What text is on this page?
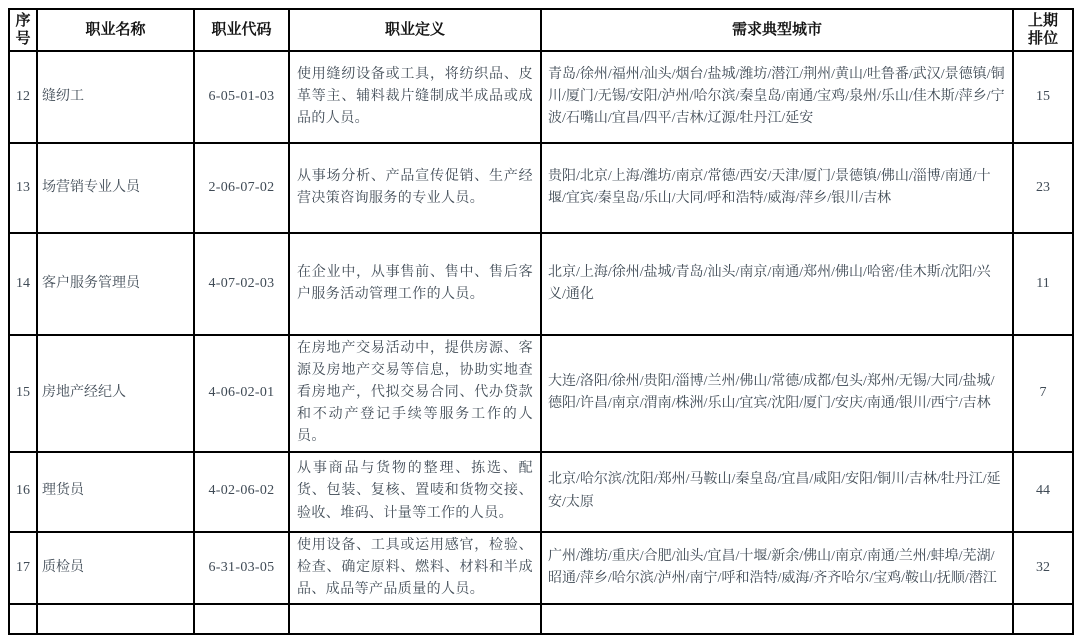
序号	职业名称	职业代码	职业定义	需求典型城市	上期排位
12	缝纫工	6-05-01-03	使用缝纫设备或工具，将纺织品、皮革等主、辅料裁片缝制成半成品或成品的人员。	青岛/徐州/福州/汕头/烟台/盐城/潍坊/潜江/荆州/黄山/吐鲁番/武汉/景德镇/铜川/厦门/无锡/安阳/泸州/哈尔滨/秦皇岛/南通/宝鸡/泉州/乐山/佳木斯/萍乡/宁波/石嘴山/宜昌/四平/吉林/辽源/牡丹江/延安	15
13	场营销专业人员	2-06-07-02	从事场分析、产品宣传促销、生产经营决策咨询服务的专业人员。	贵阳/北京/上海/潍坊/南京/常德/西安/天津/厦门/景德镇/佛山/淄博/南通/十堰/宜宾/秦皇岛/乐山/大同/呼和浩特/威海/萍乡/银川/吉林	23
14	客户服务管理员	4-07-02-03	在企业中，从事售前、售中、售后客户服务活动管理工作的人员。	北京/上海/徐州/盐城/青岛/汕头/南京/南通/郑州/佛山/哈密/佳木斯/沈阳/兴义/通化	11
15	房地产经纪人	4-06-02-01	在房地产交易活动中，提供房源、客源及房地产交易等信息，协助实地查看房地产，代拟交易合同、代办贷款和不动产登记手续等服务工作的人员。	大连/洛阳/徐州/贵阳/淄博/兰州/佛山/常德/成都/包头/郑州/无锡/大同/盐城/德阳/许昌/南京/渭南/株洲/乐山/宜宾/沈阳/厦门/安庆/南通/银川/西宁/吉林	7
16	理货员	4-02-06-02	从事商品与货物的整理、拣选、配货、包装、复核、置唛和货物交接、验收、堆码、计量等工作的人员。	北京/哈尔滨/沈阳/郑州/马鞍山/秦皇岛/宜昌/咸阳/安阳/铜川/吉林/牡丹江/延安/太原	44
17	质检员	6-31-03-05	使用设备、工具或运用感官，检验、检查、确定原料、燃料、材料和半成品、成品等产品质量的人员。	广州/潍坊/重庆/合肥/汕头/宜昌/十堰/新余/佛山/南京/南通/兰州/蚌埠/芜湖/昭通/萍乡/哈尔滨/泸州/南宁/呼和浩特/威海/齐齐哈尔/宝鸡/鞍山/抚顺/潜江	32
